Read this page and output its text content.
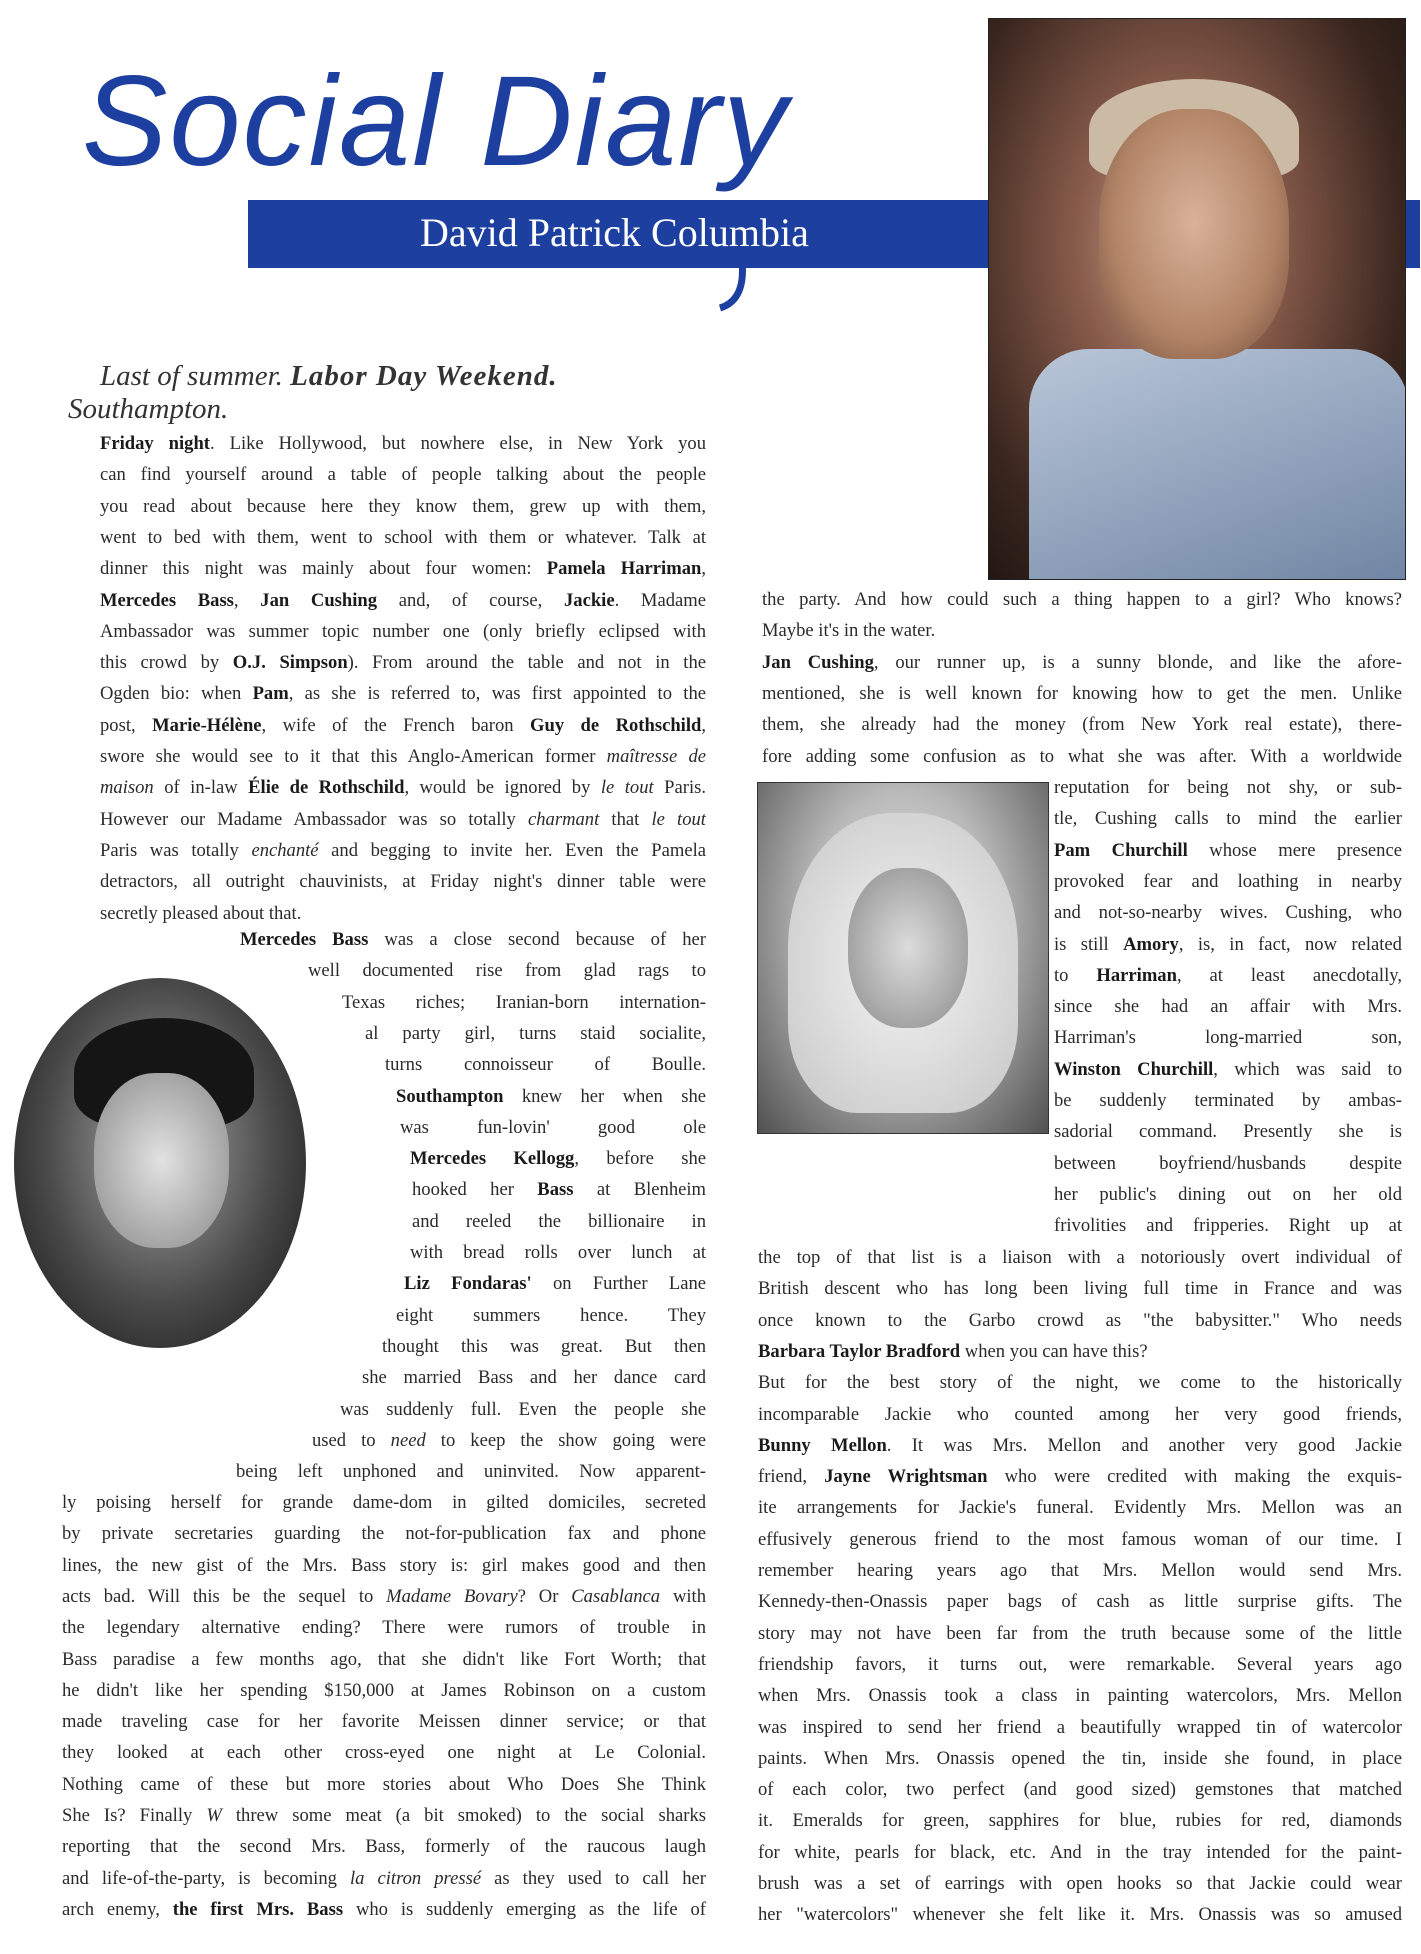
Social Diary
David Patrick Columbia
Last of summer. Labor Day Weekend.
Southampton.
Friday night. Like Hollywood, but nowhere else, in New York you
can find yourself around a table of people talking about the people
you read about because here they know them, grew up with them,
went to bed with them, went to school with them or whatever. Talk at
dinner this night was mainly about four women: Pamela Harriman,
Mercedes Bass, Jan Cushing and, of course, Jackie. Madame
Ambassador was summer topic number one (only briefly eclipsed with
this crowd by O.J. Simpson). From around the table and not in the
Ogden bio: when Pam, as she is referred to, was first appointed to the
post, Marie-Hélène, wife of the French baron Guy de Rothschild,
swore she would see to it that this Anglo-American former maîtresse de
maison of in-law Élie de Rothschild, would be ignored by le tout Paris.
However our Madame Ambassador was so totally charmant that le tout
Paris was totally enchanté and begging to invite her. Even the Pamela
detractors, all outright chauvinists, at Friday night's dinner table were
secretly pleased about that.
Mercedes Bass was a close second because of her
well documented rise from glad rags to
Texas riches; Iranian-born internation-
al party girl, turns staid socialite,
turns connoisseur of Boulle.
Southampton knew her when she
was fun-lovin' good ole
Mercedes Kellogg, before she
hooked her Bass at Blenheim
and reeled the billionaire in
with bread rolls over lunch at
Liz Fondaras' on Further Lane
eight summers hence. They
thought this was great. But then
she married Bass and her dance card
was suddenly full. Even the people she
used to need to keep the show going were
being left unphoned and uninvited. Now apparent-
ly poising herself for grande dame-dom in gilted domiciles, secreted
by private secretaries guarding the not-for-publication fax and phone
lines, the new gist of the Mrs. Bass story is: girl makes good and then
acts bad. Will this be the sequel to Madame Bovary? Or Casablanca with
the legendary alternative ending? There were rumors of trouble in
Bass paradise a few months ago, that she didn't like Fort Worth; that
he didn't like her spending $150,000 at James Robinson on a custom
made traveling case for her favorite Meissen dinner service; or that
they looked at each other cross-eyed one night at Le Colonial.
Nothing came of these but more stories about Who Does She Think
She Is? Finally W threw some meat (a bit smoked) to the social sharks
reporting that the second Mrs. Bass, formerly of the raucous laugh
and life-of-the-party, is becoming la citron pressé as they used to call her
arch enemy, the first Mrs. Bass who is suddenly emerging as the life of
the party. And how could such a thing happen to a girl? Who knows?
Maybe it's in the water.
Jan Cushing, our runner up, is a sunny blonde, and like the afore-
mentioned, she is well known for knowing how to get the men. Unlike
them, she already had the money (from New York real estate), there-
fore adding some confusion as to what she was after. With a worldwide
reputation for being not shy, or sub-
tle, Cushing calls to mind the earlier
Pam Churchill whose mere presence
provoked fear and loathing in nearby
and not-so-nearby wives. Cushing, who
is still Amory, is, in fact, now related
to Harriman, at least anecdotally,
since she had an affair with Mrs.
Harriman's long-married son,
Winston Churchill, which was said to
be suddenly terminated by ambas-
sadorial command. Presently she is
between boyfriend/husbands despite
her public's dining out on her old
frivolities and fripperies. Right up at
the top of that list is a liaison with a notoriously overt individual of
British descent who has long been living full time in France and was
once known to the Garbo crowd as "the babysitter." Who needs
Barbara Taylor Bradford when you can have this?
But for the best story of the night, we come to the historically
incomparable Jackie who counted among her very good friends,
Bunny Mellon. It was Mrs. Mellon and another very good Jackie
friend, Jayne Wrightsman who were credited with making the exquis-
ite arrangements for Jackie's funeral. Evidently Mrs. Mellon was an
effusively generous friend to the most famous woman of our time. I
remember hearing years ago that Mrs. Mellon would send Mrs.
Kennedy-then-Onassis paper bags of cash as little surprise gifts. The
story may not have been far from the truth because some of the little
friendship favors, it turns out, were remarkable. Several years ago
when Mrs. Onassis took a class in painting watercolors, Mrs. Mellon
was inspired to send her friend a beautifully wrapped tin of watercolor
paints. When Mrs. Onassis opened the tin, inside she found, in place
of each color, two perfect (and good sized) gemstones that matched
it. Emeralds for green, sapphires for blue, rubies for red, diamonds
for white, pearls for black, etc. And in the tray intended for the paint-
brush was a set of earrings with open hooks so that Jackie could wear
her "watercolors" whenever she felt like it. Mrs. Onassis was so amused
